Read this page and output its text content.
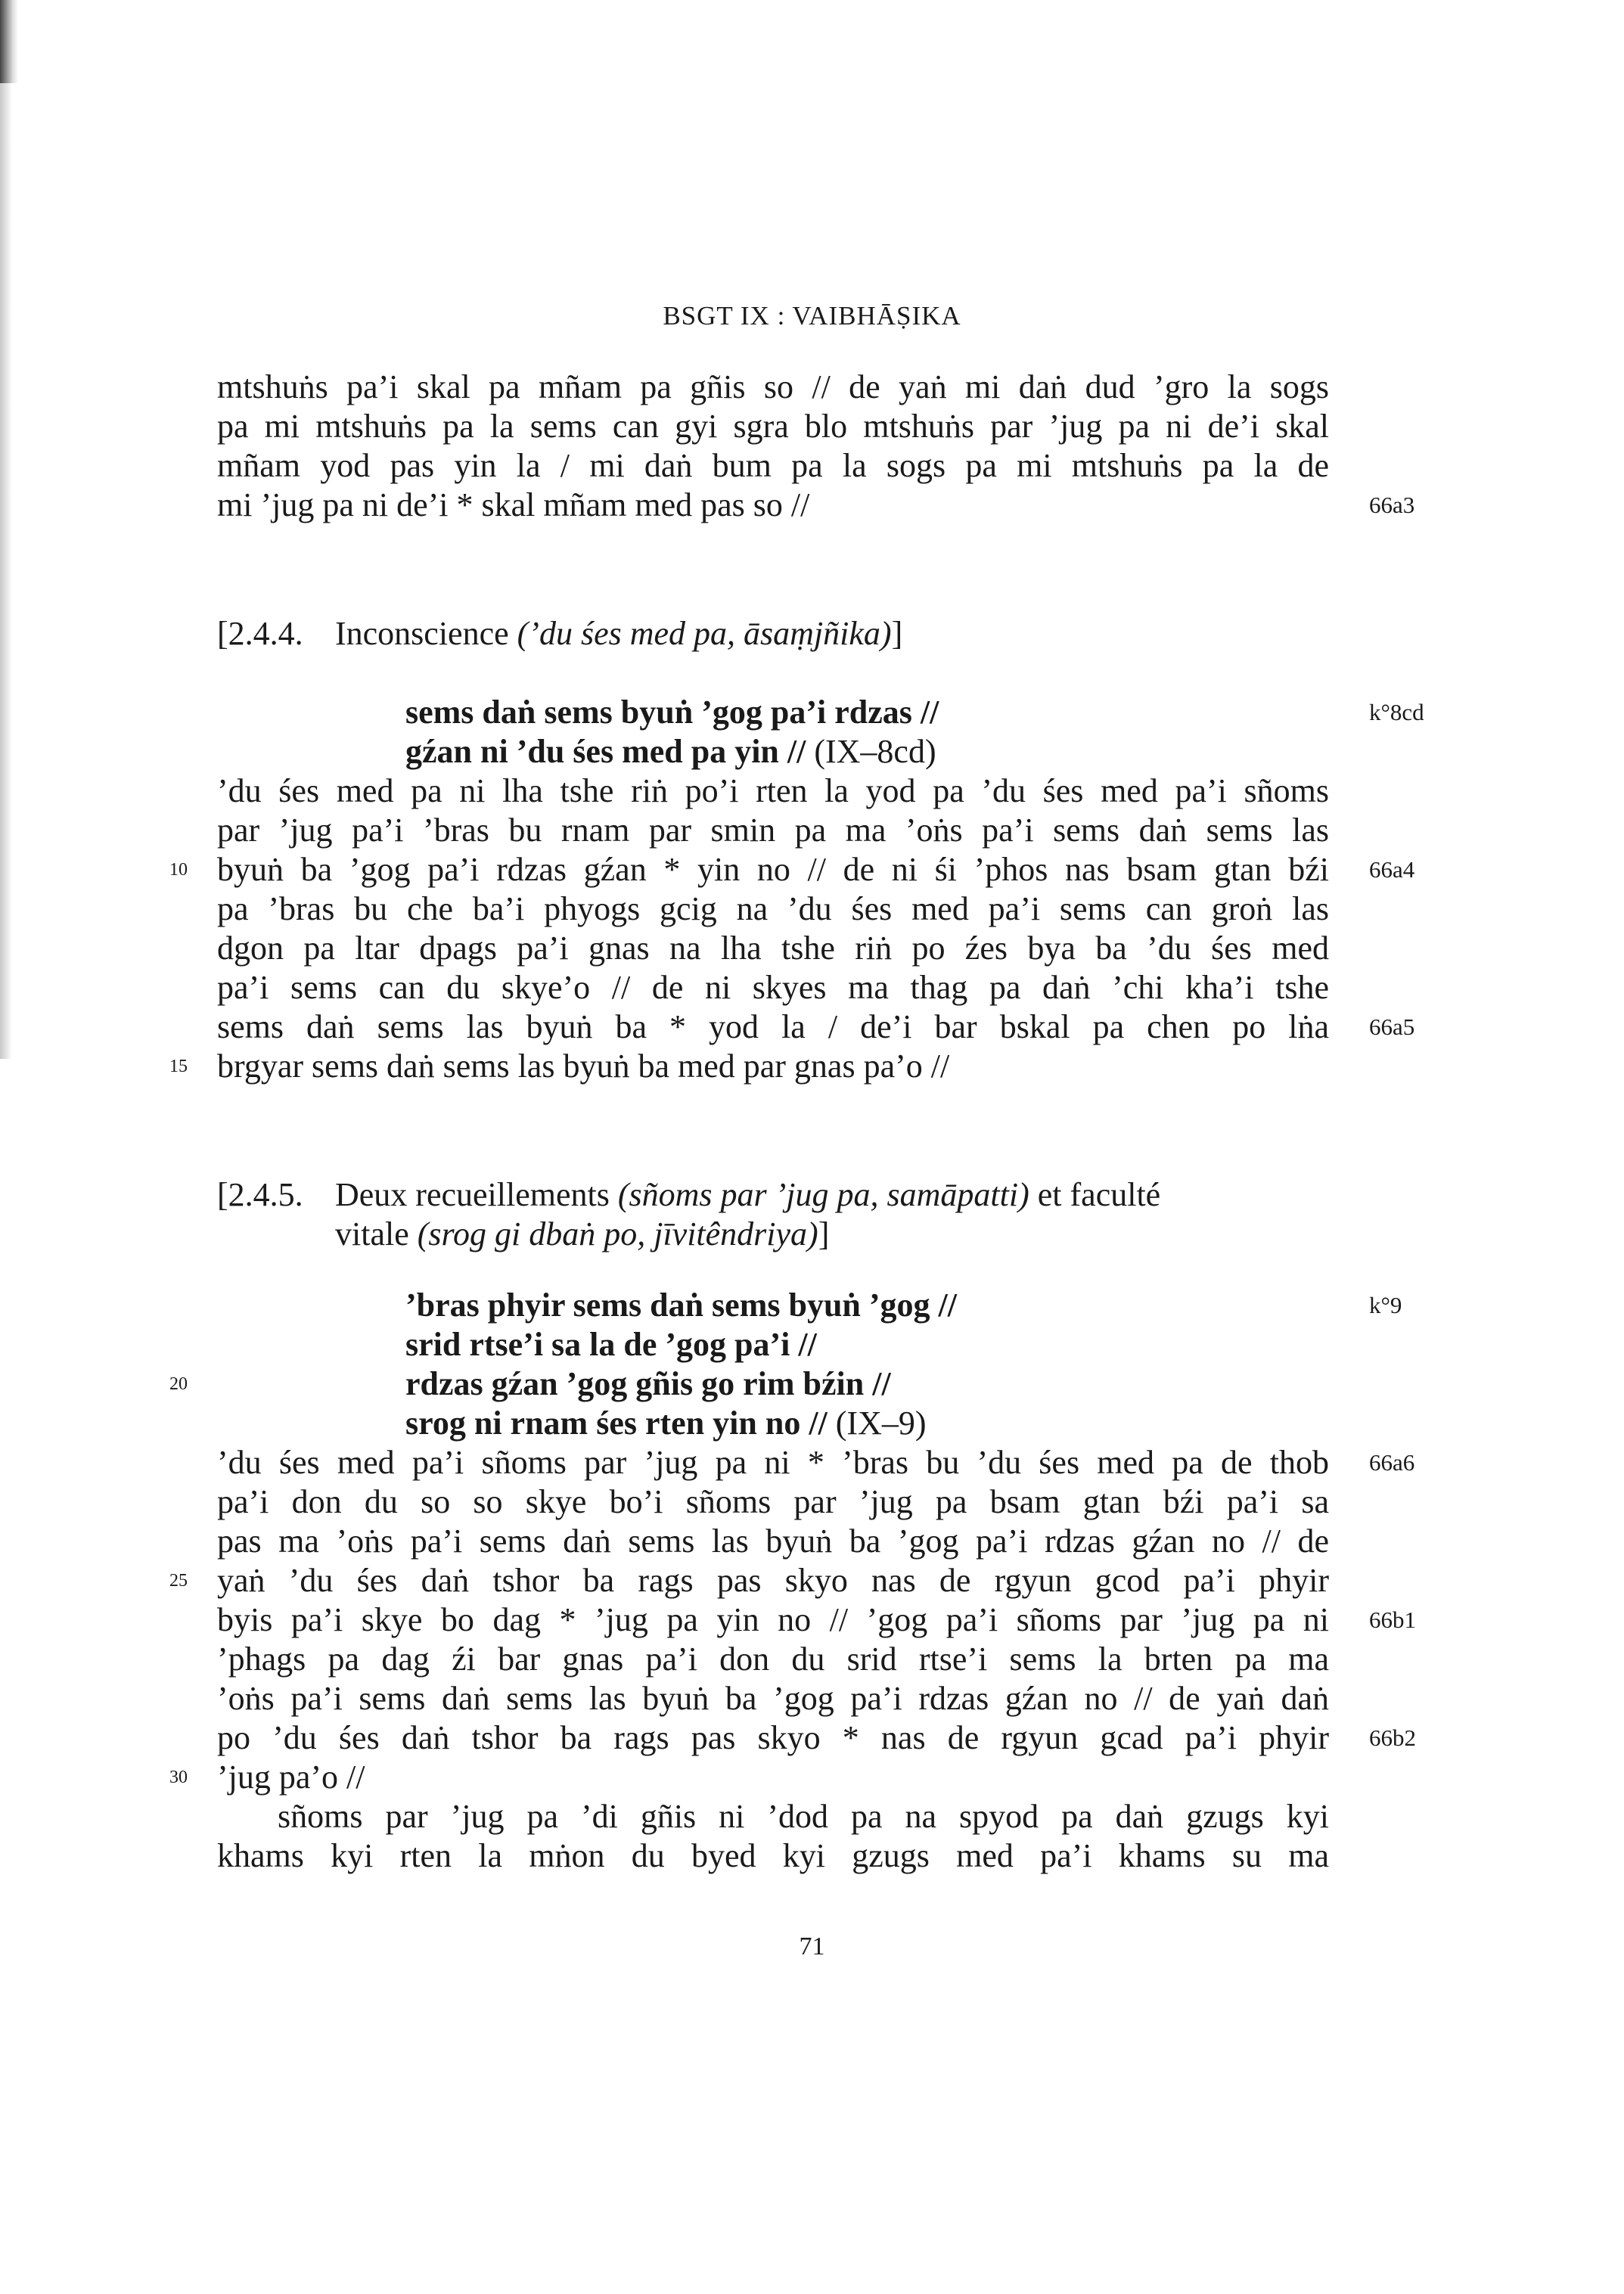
BSGT IX : VAIBHĀṢIKA
mtshuṅs pa’i skal pa mñam pa gñis so // de yaṅ mi daṅ dud ’gro la sogs
pa mi mtshuṅs pa la sems can gyi sgra blo mtshuṅs par ’jug pa ni de’i skal
mñam yod pas yin la / mi daṅ bum pa la sogs pa mi mtshuṅs pa la de
mi ’jug pa ni de’i * skal mñam med pas so //	66a3
[2.4.4. Inconscience (’du śes med pa, āsaṃjñika)]
sems daṅ sems byuṅ ’gog pa’i rdzas //	k°8cd
gźan ni ’du śes med pa yin // (IX–8cd)
’du śes med pa ni lha tshe riṅ po’i rten la yod pa ’du śes med pa’i sñoms
par ’jug pa’i ’bras bu rnam par smin pa ma ’oṅs pa’i sems daṅ sems las
10 byuṅ ba ’gog pa’i rdzas gźan * yin no // de ni śi ’phos nas bsam gtan bźi 66a4
pa ’bras bu che ba’i phyogs gcig na ’du śes med pa’i sems can groṅ las
dgon pa ltar dpags pa’i gnas na lha tshe riṅ po źes bya ba ’du śes med
pa’i sems can du skye’o // de ni skyes ma thag pa daṅ ’chi kha’i tshe
sems daṅ sems las byuṅ ba * yod la / de’i bar bskal pa chen po lṅa 66a5
15 brgyar sems daṅ sems las byuṅ ba med par gnas pa’o //
[2.4.5. Deux recueillements (sñoms par ’jug pa, samāpatti) et faculté
vitale (srog gi dbaṅ po, jīvitêndriya)]
’bras phyir sems daṅ sems byuṅ ’gog //	k°9
srid rtse’i sa la de ’gog pa’i //
20	rdzas gźan ’gog gñis go rim bźin //
srog ni rnam śes rten yin no // (IX–9)
’du śes med pa’i sñoms par ’jug pa ni * ’bras bu ’du śes med pa de thob 66a6
pa’i don du so so skye bo’i sñoms par ’jug pa bsam gtan bźi pa’i sa
pas ma ’oṅs pa’i sems daṅ sems las byuṅ ba ’gog pa’i rdzas gźan no // de
25 yaṅ ’du śes daṅ tshor ba rags pas skyo nas de rgyun gcod pa’i phyir
byis pa’i skye bo dag * ’jug pa yin no // ’gog pa’i sñoms par ’jug pa ni 66b1
’phags pa dag źi bar gnas pa’i don du srid rtse’i sems la brten pa ma
’oṅs pa’i sems daṅ sems las byuṅ ba ’gog pa’i rdzas gźan no // de yaṅ daṅ
po ’du śes daṅ tshor ba rags pas skyo * nas de rgyun gcad pa’i phyir 66b2
30 ’jug pa’o //
sñoms par ’jug pa ’di gñis ni ’dod pa na spyod pa daṅ gzugs kyi
khams kyi rten la mṅon du byed kyi gzugs med pa’i khams su ma
71
